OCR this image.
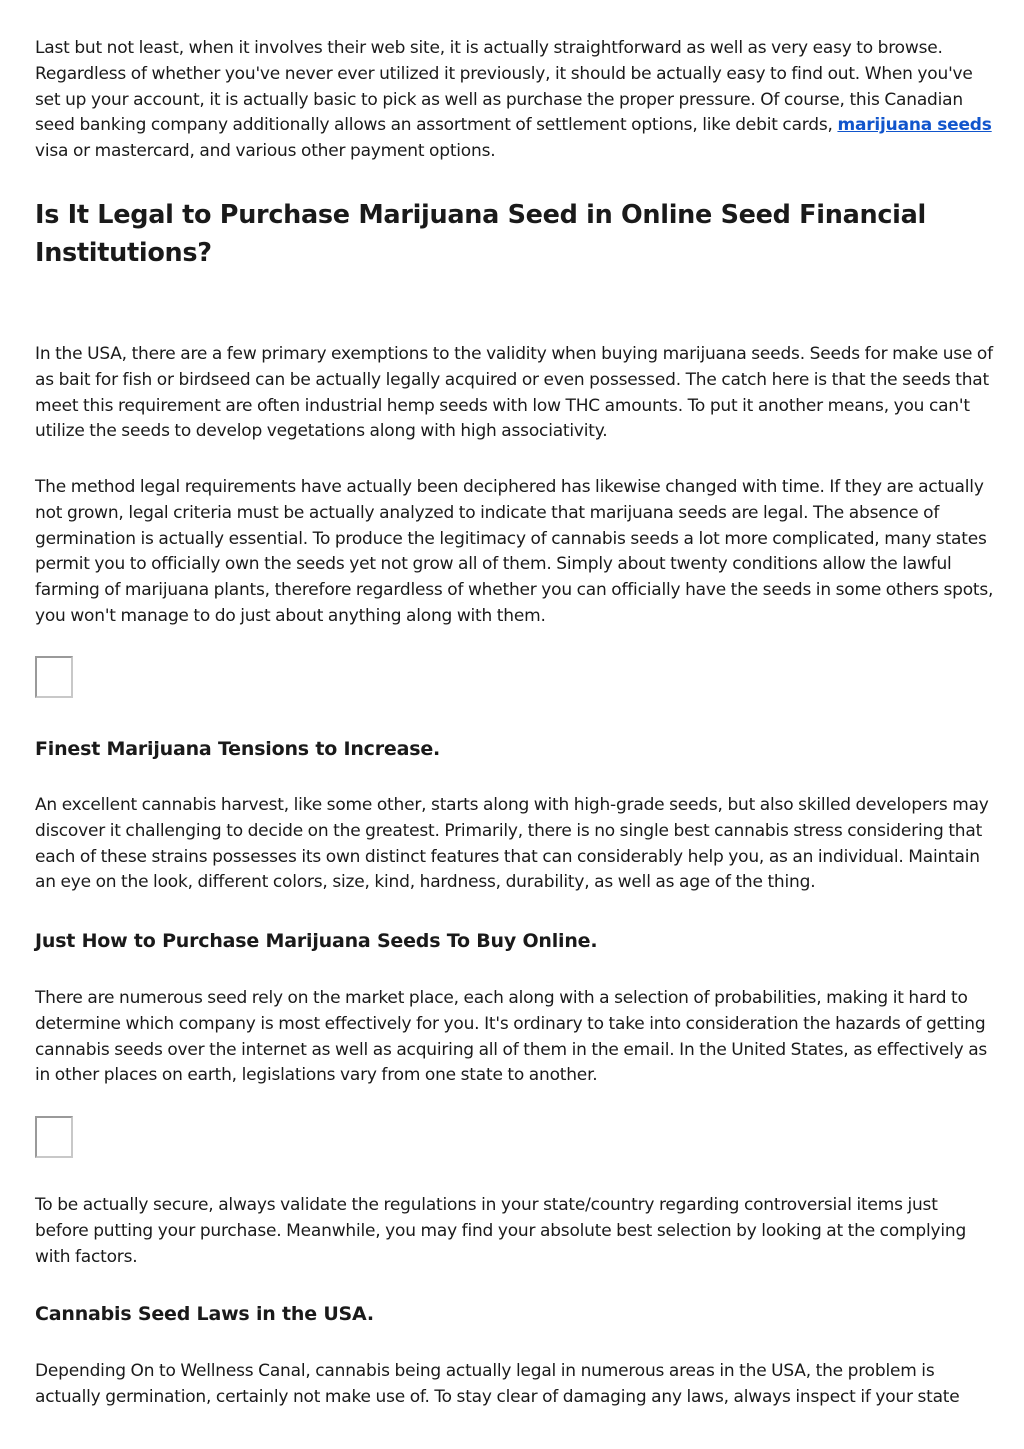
Last but not least, when it involves their web site, it is actually straightforward as well as very easy to browse. Regardless of whether you've never ever utilized it previously, it should be actually easy to find out. When you've set up your account, it is actually basic to pick as well as purchase the proper pressure. Of course, this Canadian seed banking company additionally allows an assortment of settlement options, like debit cards, marijuana seeds visa or mastercard, and various other payment options.

Is It Legal to Purchase Marijuana Seed in Online Seed Financial Institutions?

In the USA, there are a few primary exemptions to the validity when buying marijuana seeds. Seeds for make use of as bait for fish or birdseed can be actually legally acquired or even possessed. The catch here is that the seeds that meet this requirement are often industrial hemp seeds with low THC amounts. To put it another means, you can't utilize the seeds to develop vegetations along with high associativity.

The method legal requirements have actually been deciphered has likewise changed with time. If they are actually not grown, legal criteria must be actually analyzed to indicate that marijuana seeds are legal. The absence of germination is actually essential. To produce the legitimacy of cannabis seeds a lot more complicated, many states permit you to officially own the seeds yet not grow all of them. Simply about twenty conditions allow the lawful farming of marijuana plants, therefore regardless of whether you can officially have the seeds in some others spots, you won't manage to do just about anything along with them.

Finest Marijuana Tensions to Increase.

An excellent cannabis harvest, like some other, starts along with high-grade seeds, but also skilled developers may discover it challenging to decide on the greatest. Primarily, there is no single best cannabis stress considering that each of these strains possesses its own distinct features that can considerably help you, as an individual. Maintain an eye on the look, different colors, size, kind, hardness, durability, as well as age of the thing.

Just How to Purchase Marijuana Seeds To Buy Online.

There are numerous seed rely on the market place, each along with a selection of probabilities, making it hard to determine which company is most effectively for you. It's ordinary to take into consideration the hazards of getting cannabis seeds over the internet as well as acquiring all of them in the email. In the United States, as effectively as in other places on earth, legislations vary from one state to another.

To be actually secure, always validate the regulations in your state/country regarding controversial items just before putting your purchase. Meanwhile, you may find your absolute best selection by looking at the complying with factors.

Cannabis Seed Laws in the USA.

Depending On to Wellness Canal, cannabis being actually legal in numerous areas in the USA, the problem is actually germination, certainly not make use of. To stay clear of damaging any laws, always inspect if your state
